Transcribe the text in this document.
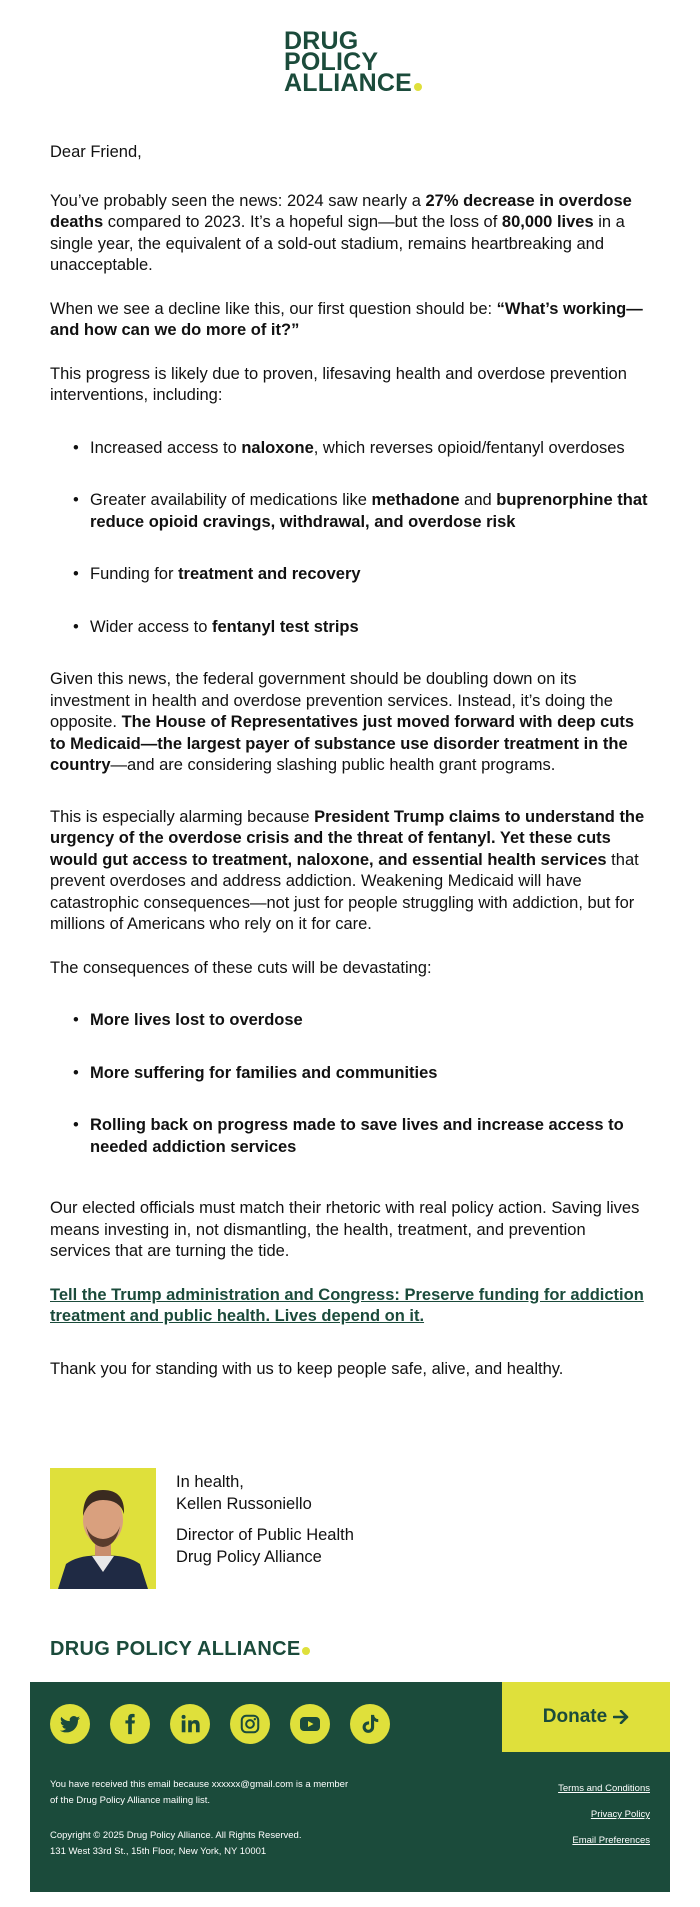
DRUG
POLICY
ALLIANCE

Dear Friend,

You’ve probably seen the news: 2024 saw nearly a 27% decrease in overdose deaths compared to 2023. It’s a hopeful sign—but the loss of 80,000 lives in a single year, the equivalent of a sold-out stadium, remains heartbreaking and unacceptable.

When we see a decline like this, our first question should be: “What’s working—and how can we do more of it?”

This progress is likely due to proven, lifesaving health and overdose prevention interventions, including:

• Increased access to naloxone, which reverses opioid/fentanyl overdoses
• Greater availability of medications like methadone and buprenorphine that reduce opioid cravings, withdrawal, and overdose risk
• Funding for treatment and recovery
• Wider access to fentanyl test strips

Given this news, the federal government should be doubling down on its investment in health and overdose prevention services. Instead, it’s doing the opposite. The House of Representatives just moved forward with deep cuts to Medicaid—the largest payer of substance use disorder treatment in the country—and are considering slashing public health grant programs.

This is especially alarming because President Trump claims to understand the urgency of the overdose crisis and the threat of fentanyl. Yet these cuts would gut access to treatment, naloxone, and essential health services that prevent overdoses and address addiction. Weakening Medicaid will have catastrophic consequences—not just for people struggling with addiction, but for millions of Americans who rely on it for care.

The consequences of these cuts will be devastating:

• More lives lost to overdose
• More suffering for families and communities
• Rolling back on progress made to save lives and increase access to needed addiction services

Our elected officials must match their rhetoric with real policy action. Saving lives means investing in, not dismantling, the health, treatment, and prevention services that are turning the tide.

Tell the Trump administration and Congress: Preserve funding for addiction treatment and public health. Lives depend on it.

Thank you for standing with us to keep people safe, alive, and healthy.

In health,
Kellen Russoniello
Director of Public Health
Drug Policy Alliance
DRUG POLICY ALLIANCE
Donate
You have received this email because xxxxxx@gmail.com is a member of the Drug Policy Alliance mailing list.
Copyright © 2025 Drug Policy Alliance. All Rights Reserved.
131 West 33rd St., 15th Floor, New York, NY 10001
Terms and Conditions
Privacy Policy
Email Preferences
